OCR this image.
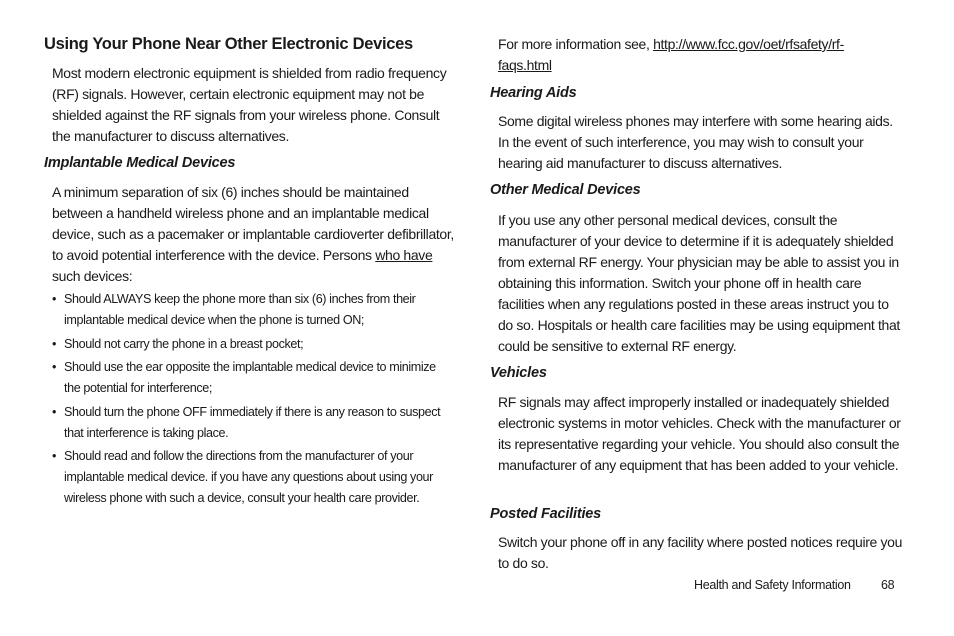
Using Your Phone Near Other Electronic Devices

Most modern electronic equipment is shielded from radio frequency (RF) signals. However, certain electronic equipment may not be shielded against the RF signals from your wireless phone. Consult the manufacturer to discuss alternatives.

Implantable Medical Devices

A minimum separation of six (6) inches should be maintained between a handheld wireless phone and an implantable medical device, such as a pacemaker or implantable cardioverter defibrillator, to avoid potential interference with the device. Persons who have such devices:

• Should ALWAYS keep the phone more than six (6) inches from their implantable medical device when the phone is turned ON;
• Should not carry the phone in a breast pocket;
• Should use the ear opposite the implantable medical device to minimize the potential for interference;
• Should turn the phone OFF immediately if there is any reason to suspect that interference is taking place.
• Should read and follow the directions from the manufacturer of your implantable medical device. if you have any questions about using your wireless phone with such a device, consult your health care provider.

For more information see, http://www.fcc.gov/oet/rfsafety/rf-faqs.html

Hearing Aids

Some digital wireless phones may interfere with some hearing aids. In the event of such interference, you may wish to consult your hearing aid manufacturer to discuss alternatives.

Other Medical Devices

If you use any other personal medical devices, consult the manufacturer of your device to determine if it is adequately shielded from external RF energy. Your physician may be able to assist you in obtaining this information. Switch your phone off in health care facilities when any regulations posted in these areas instruct you to do so. Hospitals or health care facilities may be using equipment that could be sensitive to external RF energy.

Vehicles

RF signals may affect improperly installed or inadequately shielded electronic systems in motor vehicles. Check with the manufacturer or its representative regarding your vehicle. You should also consult the manufacturer of any equipment that has been added to your vehicle.

Posted Facilities

Switch your phone off in any facility where posted notices require you to do so.

Health and Safety Information 68
